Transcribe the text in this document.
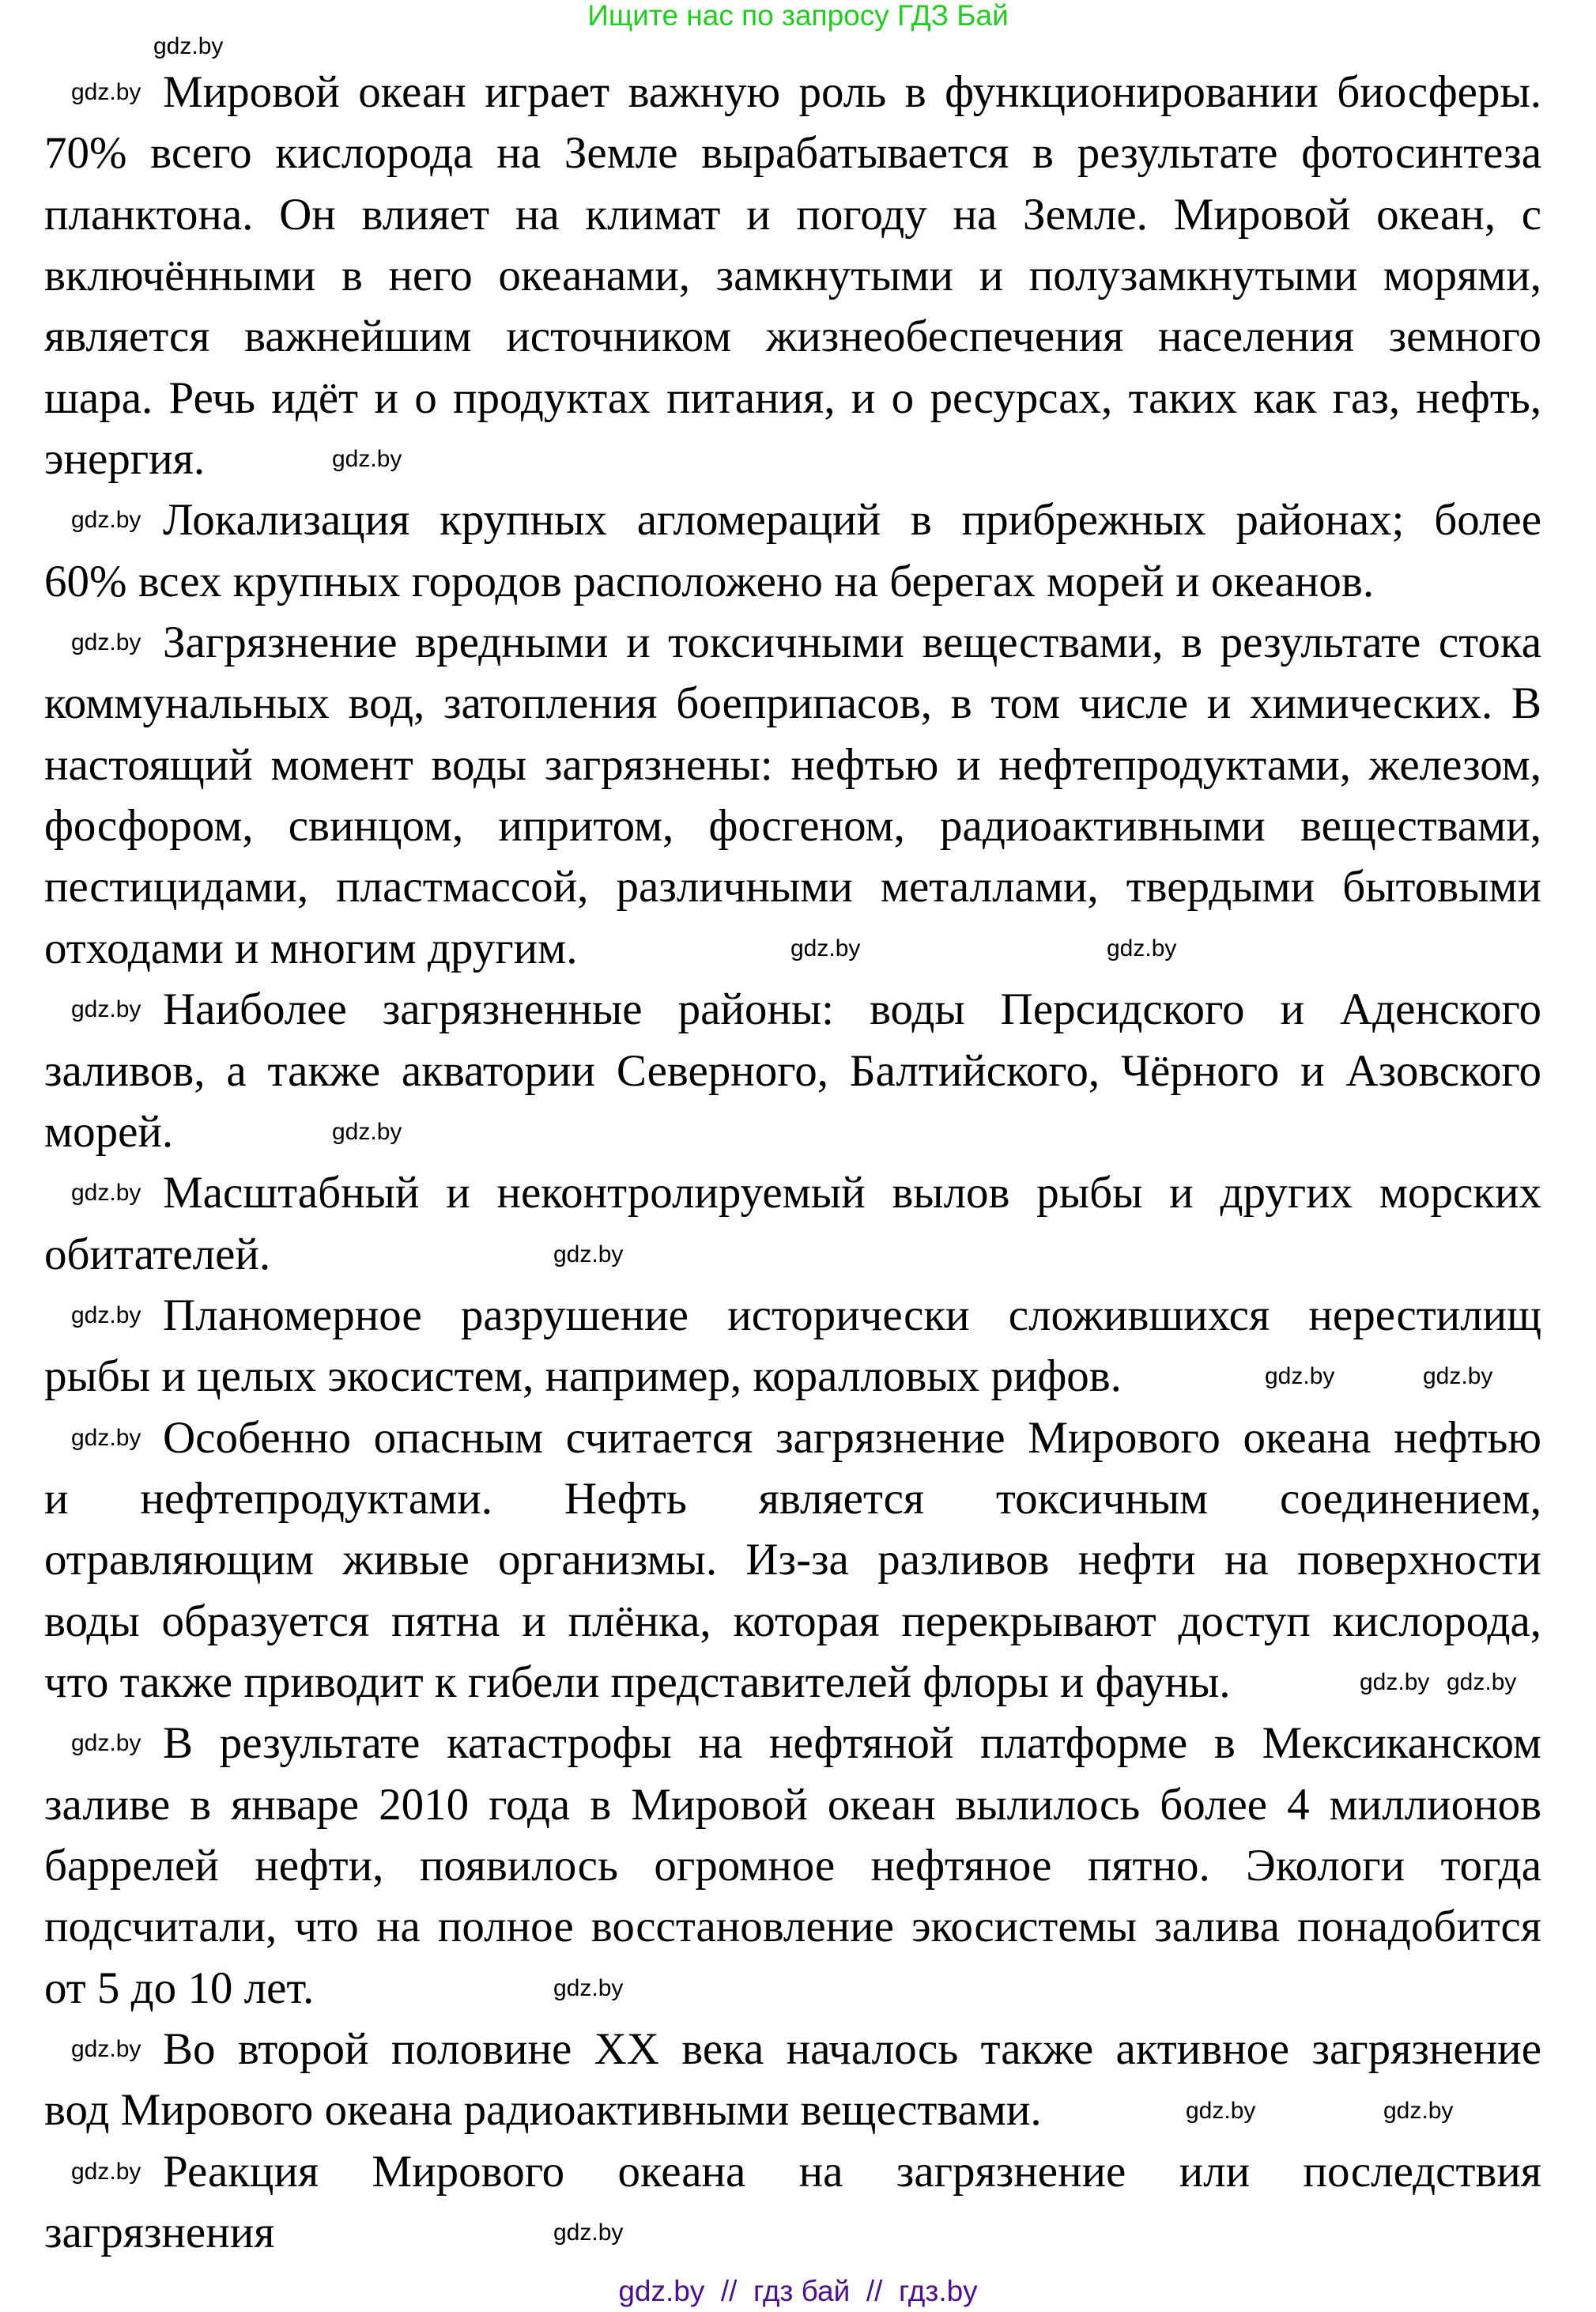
Ищите нас по запросу ГДЗ Бай
Мировой океан играет важную роль в функционировании биосферы.
70% всего кислорода на Земле вырабатывается в результате фотосинтеза
планктона. Он влияет на климат и погоду на Земле. Мировой океан, с
включёнными в него океанами, замкнутыми и полузамкнутыми морями,
является важнейшим источником жизнеобеспечения населения земного
шара. Речь идёт и о продуктах питания, и о ресурсах, таких как газ, нефть,
энергия.
Локализация крупных агломераций в прибрежных районах; более
60% всех крупных городов расположено на берегах морей и океанов.
Загрязнение вредными и токсичными веществами, в результате стока
коммунальных вод, затопления боеприпасов, в том числе и химических. В
настоящий момент воды загрязнены: нефтью и нефтепродуктами, железом,
фосфором, свинцом, ипритом, фосгеном, радиоактивными веществами,
пестицидами, пластмассой, различными металлами, твердыми бытовыми
отходами и многим другим.
Наиболее загрязненные районы: воды Персидского и Аденского
заливов, а также акватории Северного, Балтийского, Чёрного и Азовского
морей.
Масштабный и неконтролируемый вылов рыбы и других морских
обитателей.
Планомерное разрушение исторически сложившихся нерестилищ
рыбы и целых экосистем, например, коралловых рифов.
Особенно опасным считается загрязнение Мирового океана нефтью
и нефтепродуктами. Нефть является токсичным соединением,
отравляющим живые организмы. Из-за разливов нефти на поверхности
воды образуется пятна и плёнка, которая перекрывают доступ кислорода,
что также приводит к гибели представителей флоры и фауны.
В результате катастрофы на нефтяной платформе в Мексиканском
заливе в январе 2010 года в Мировой океан вылилось более 4 миллионов
баррелей нефти, появилось огромное нефтяное пятно. Экологи тогда
подсчитали, что на полное восстановление экосистемы залива понадобится
от 5 до 10 лет.
Во второй половине XX века началось также активное загрязнение
вод Мирового океана радиоактивными веществами.
Реакция Мирового океана на загрязнение или последствия
загрязнения
gdz.by
gdz.by
gdz.by
gdz.by
gdz.by
gdz.by	gdz.by
gdz.by
gdz.by
gdz.by
gdz.by
gdz.by
gdz.by	gdz.by
gdz.by
gdz.by gdz.by
gdz.by
gdz.by
gdz.by
gdz.by	gdz.by
gdz.by
gdz.by
gdz.by  //  гдз бай  //  гдз.by
